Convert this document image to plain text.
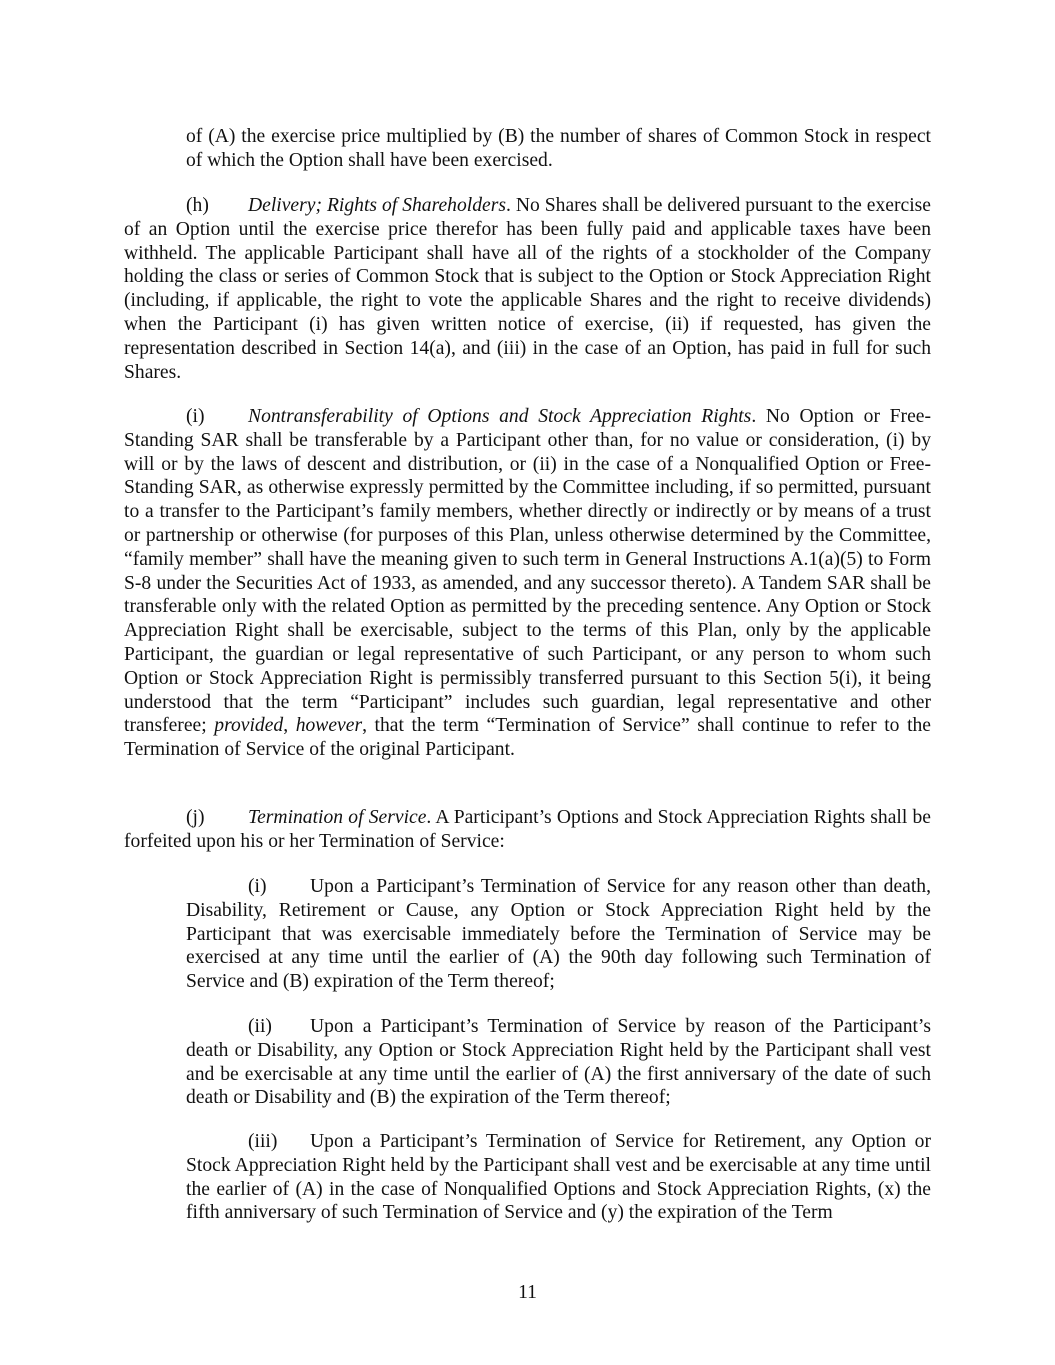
of (A) the exercise price multiplied by (B) the number of shares of Common Stock in respect of which the Option shall have been exercised.

(h) Delivery; Rights of Shareholders. No Shares shall be delivered pursuant to the exercise of an Option until the exercise price therefor has been fully paid and applicable taxes have been withheld. The applicable Participant shall have all of the rights of a stockholder of the Company holding the class or series of Common Stock that is subject to the Option or Stock Appreciation Right (including, if applicable, the right to vote the applicable Shares and the right to receive dividends) when the Participant (i) has given written notice of exercise, (ii) if requested, has given the representation described in Section 14(a), and (iii) in the case of an Option, has paid in full for such Shares.

(i) Nontransferability of Options and Stock Appreciation Rights. No Option or Free-Standing SAR shall be transferable by a Participant other than, for no value or consideration, (i) by will or by the laws of descent and distribution, or (ii) in the case of a Nonqualified Option or Free-Standing SAR, as otherwise expressly permitted by the Committee including, if so permitted, pursuant to a transfer to the Participant’s family members, whether directly or indirectly or by means of a trust or partnership or otherwise (for purposes of this Plan, unless otherwise determined by the Committee, “family member” shall have the meaning given to such term in General Instructions A.1(a)(5) to Form S-8 under the Securities Act of 1933, as amended, and any successor thereto). A Tandem SAR shall be transferable only with the related Option as permitted by the preceding sentence. Any Option or Stock Appreciation Right shall be exercisable, subject to the terms of this Plan, only by the applicable Participant, the guardian or legal representative of such Participant, or any person to whom such Option or Stock Appreciation Right is permissibly transferred pursuant to this Section 5(i), it being understood that the term “Participant” includes such guardian, legal representative and other transferee; provided, however, that the term “Termination of Service” shall continue to refer to the Termination of Service of the original Participant.

(j) Termination of Service. A Participant’s Options and Stock Appreciation Rights shall be forfeited upon his or her Termination of Service:

(i) Upon a Participant’s Termination of Service for any reason other than death, Disability, Retirement or Cause, any Option or Stock Appreciation Right held by the Participant that was exercisable immediately before the Termination of Service may be exercised at any time until the earlier of (A) the 90th day following such Termination of Service and (B) expiration of the Term thereof;

(ii) Upon a Participant’s Termination of Service by reason of the Participant’s death or Disability, any Option or Stock Appreciation Right held by the Participant shall vest and be exercisable at any time until the earlier of (A) the first anniversary of the date of such death or Disability and (B) the expiration of the Term thereof;

(iii) Upon a Participant’s Termination of Service for Retirement, any Option or Stock Appreciation Right held by the Participant shall vest and be exercisable at any time until the earlier of (A) in the case of Nonqualified Options and Stock Appreciation Rights, (x) the fifth anniversary of such Termination of Service and (y) the expiration of the Term

11
